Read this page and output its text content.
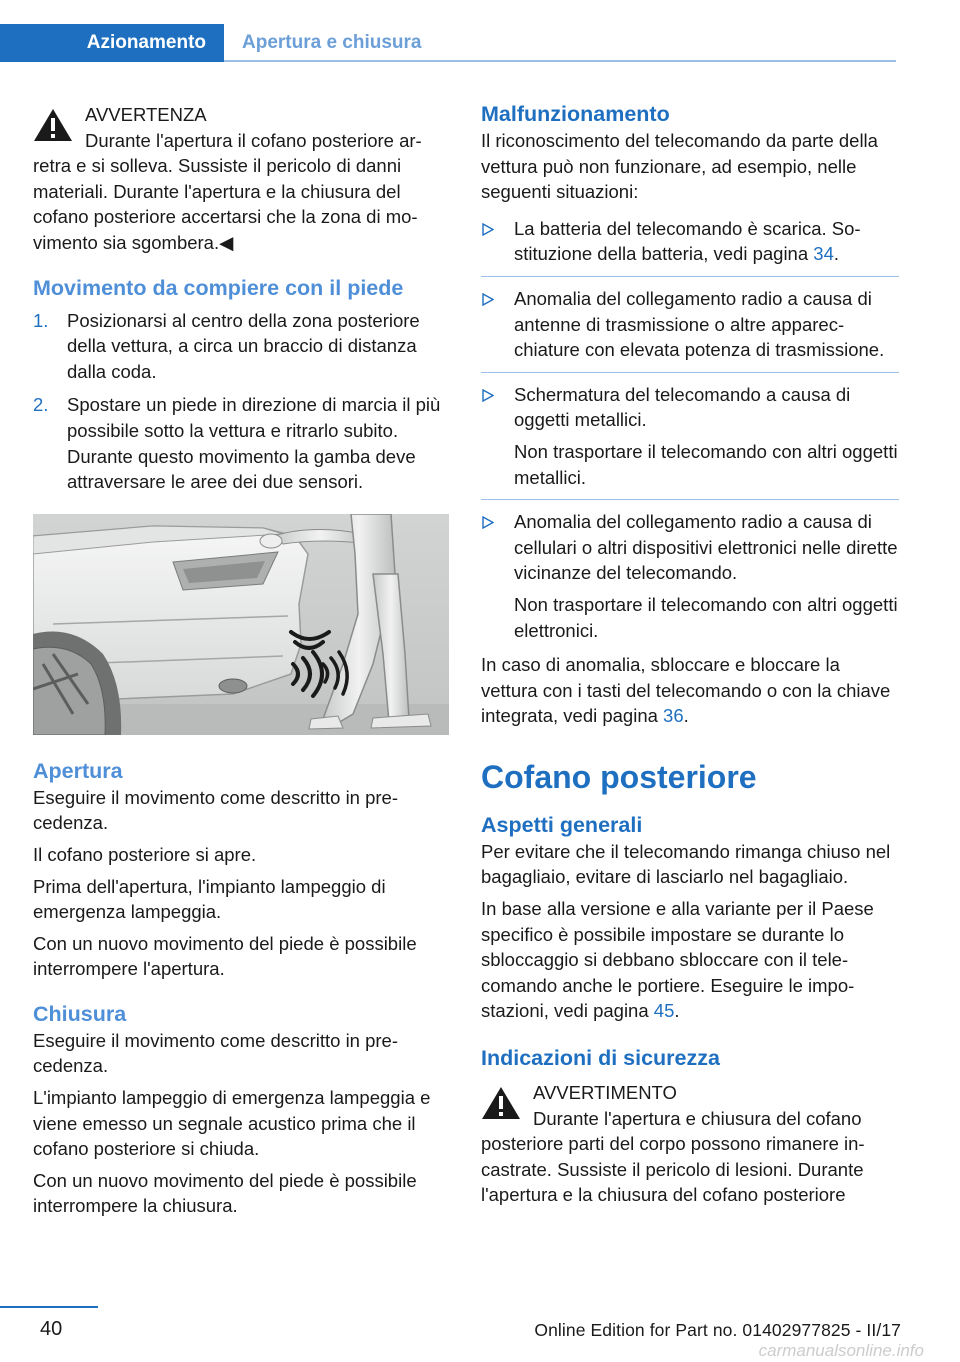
Azionamento Apertura e chiusura
AVVERTENZA

Durante l'apertura il cofano posteriore arretra e si solleva. Sussiste il pericolo di danni materiali. Durante l'apertura e la chiusura del cofano posteriore accertarsi che la zona di movimento sia sgombera.◀

Movimento da compiere con il piede
1.	Posizionarsi al centro della zona posteriore della vettura, a circa un braccio di distanza dalla coda.

2.	Spostare un piede in direzione di marcia il più possibile sotto la vettura e ritrarlo subito. Durante questo movimento la gamba deve attraversare le aree dei due sensori.

Apertura

Eseguire il movimento come descritto in precedenza.

Il cofano posteriore si apre.

Prima dell'apertura, l'impianto lampeggio di emergenza lampeggia.

Con un nuovo movimento del piede è possibile interrompere l'apertura.

Chiusura

Eseguire il movimento come descritto in precedenza.

L'impianto lampeggio di emergenza lampeggia e viene emesso un segnale acustico prima che il cofano posteriore si chiuda.

Con un nuovo movimento del piede è possibile interrompere la chiusura.

Malfunzionamento

Il riconoscimento del telecomando da parte della vettura può non funzionare, ad esempio, nelle seguenti situazioni:

La batteria del telecomando è scarica. Sostituzione della batteria, vedi pagina 34.

Anomalia del collegamento radio a causa di antenne di trasmissione o altre apparecchiature con elevata potenza di trasmissione.

Schermatura del telecomando a causa di oggetti metallici.

Non trasportare il telecomando con altri oggetti metallici.

Anomalia del collegamento radio a causa di cellulari o altri dispositivi elettronici nelle dirette vicinanze del telecomando.

Non trasportare il telecomando con altri oggetti elettronici.

In caso di anomalia, sbloccare e bloccare la vettura con i tasti del telecomando o con la chiave integrata, vedi pagina 36.

Cofano posteriore
Aspetti generali

Per evitare che il telecomando rimanga chiuso nel bagagliaio, evitare di lasciarlo nel bagagliaio.

In base alla versione e alla variante per il Paese specifico è possibile impostare se durante lo sbloccaggio si debbano sbloccare con il telecomando anche le portiere. Eseguire le impostazioni, vedi pagina 45.

Indicazioni di sicurezza
AVVERTIMENTO

Durante l'apertura e chiusura del cofano posteriore parti del corpo possono rimanere incastrate. Sussiste il pericolo di lesioni. Durante l'apertura e la chiusura del cofano posteriore

40	Online Edition for Part no. 01402977825 - II/17
carmanualsonline.info
